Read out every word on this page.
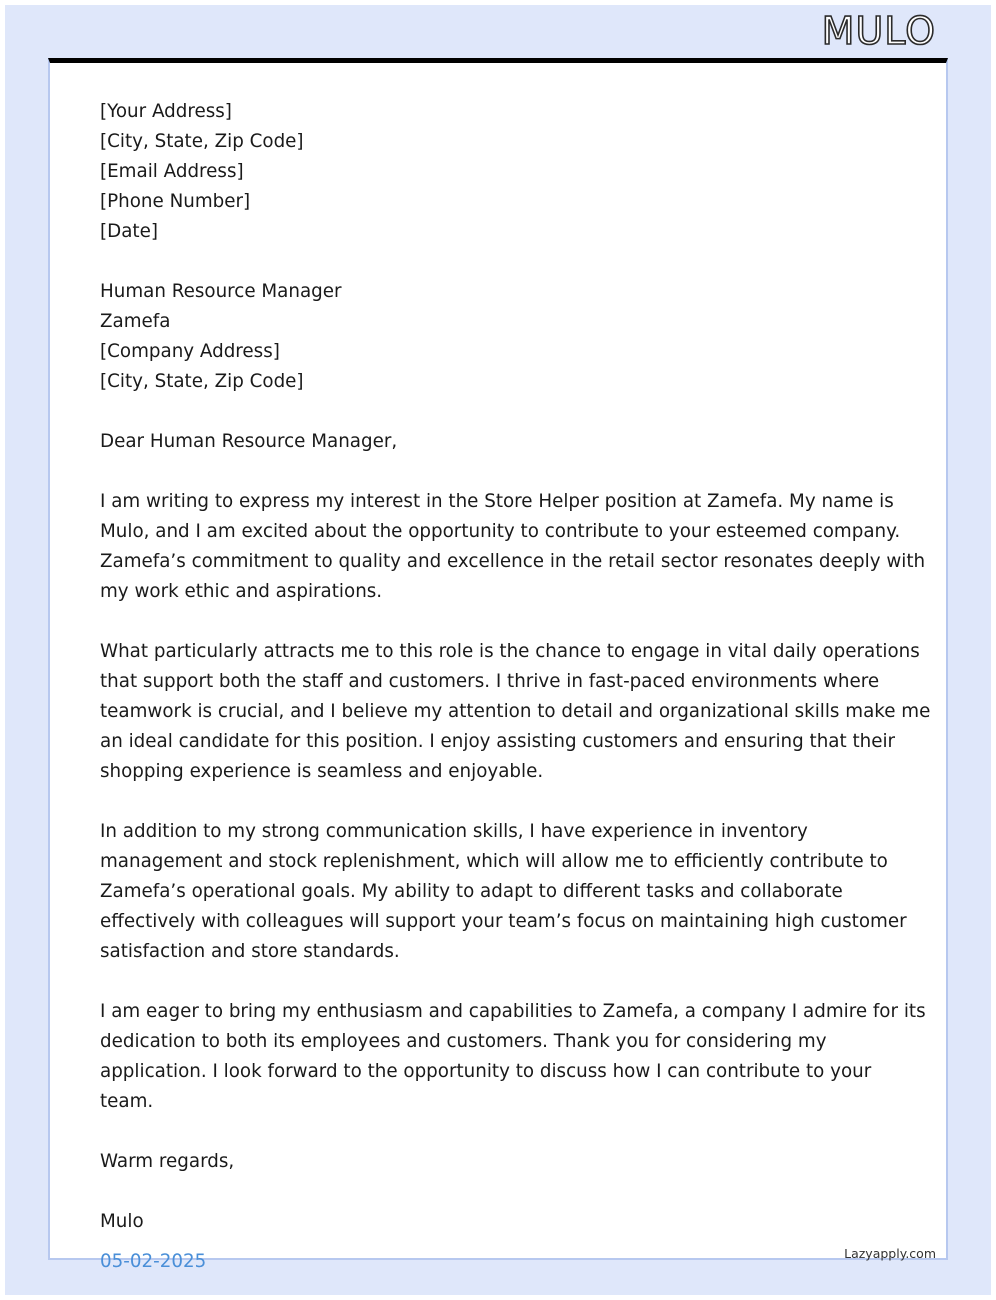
MULO
[Your Address]
[City, State, Zip Code]
[Email Address]
[Phone Number]
[Date]
Human Resource Manager
Zamefa
[Company Address]
[City, State, Zip Code]

Dear Human Resource Manager,

I am writing to express my interest in the Store Helper position at Zamefa. My name is
Mulo, and I am excited about the opportunity to contribute to your esteemed company.
Zamefa’s commitment to quality and excellence in the retail sector resonates deeply with
my work ethic and aspirations.

What particularly attracts me to this role is the chance to engage in vital daily operations
that support both the staff and customers. I thrive in fast-paced environments where
teamwork is crucial, and I believe my attention to detail and organizational skills make me
an ideal candidate for this position. I enjoy assisting customers and ensuring that their
shopping experience is seamless and enjoyable.

In addition to my strong communication skills, I have experience in inventory
management and stock replenishment, which will allow me to efficiently contribute to
Zamefa’s operational goals. My ability to adapt to different tasks and collaborate
effectively with colleagues will support your team’s focus on maintaining high customer
satisfaction and store standards.

I am eager to bring my enthusiasm and capabilities to Zamefa, a company I admire for its
dedication to both its employees and customers. Thank you for considering my
application. I look forward to the opportunity to discuss how I can contribute to your
team.

Warm regards,

Mulo
05-02-2025	Lazyapply.com
